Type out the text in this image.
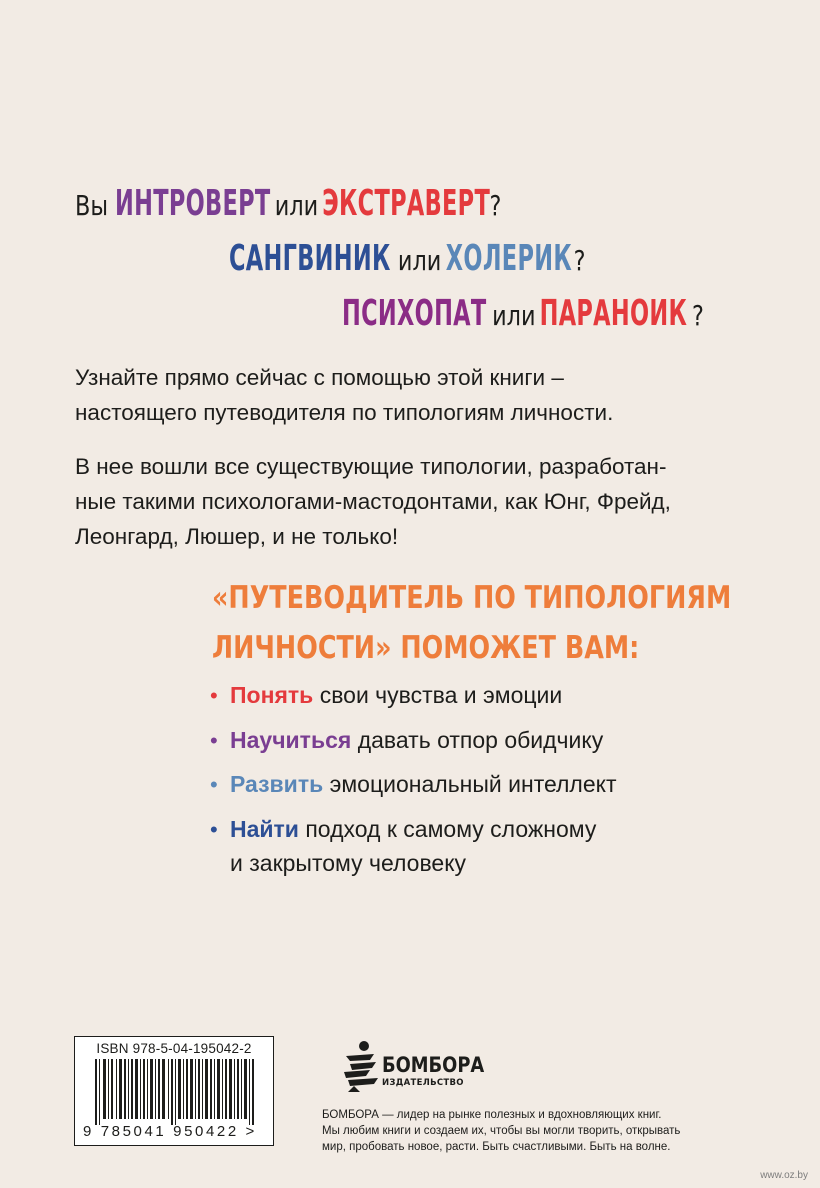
Вы ИНТРОВЕРТ или ЭКСТРАВЕРТ?
САНГВИНИК или ХОЛЕРИК?
ПСИХОПАТ или ПАРАНОИК ?
Узнайте прямо сейчас с помощью этой книги –
настоящего путеводителя по типологиям личности.
В нее вошли все существующие типологии, разработан-
ные такими психологами-мастодонтами, как Юнг, Фрейд,
Леонгард, Люшер, и не только!
«ПУТЕВОДИТЕЛЬ ПО ТИПОЛОГИЯМ
ЛИЧНОСТИ» ПОМОЖЕТ ВАМ:
• Понять свои чувства и эмоции
• Научиться давать отпор обидчику
• Развить эмоциональный интеллект
• Найти подход к самому сложному
и закрытому человеку
ISBN 978-5-04-195042-2
9 785041 950422 >
БОМБОРА
ИЗДАТЕЛЬСТВО
БОМБОРА — лидер на рынке полезных и вдохновляющих книг.
Мы любим книги и создаем их, чтобы вы могли творить, открывать
мир, пробовать новое, расти. Быть счастливыми. Быть на волне.
www.oz.by
